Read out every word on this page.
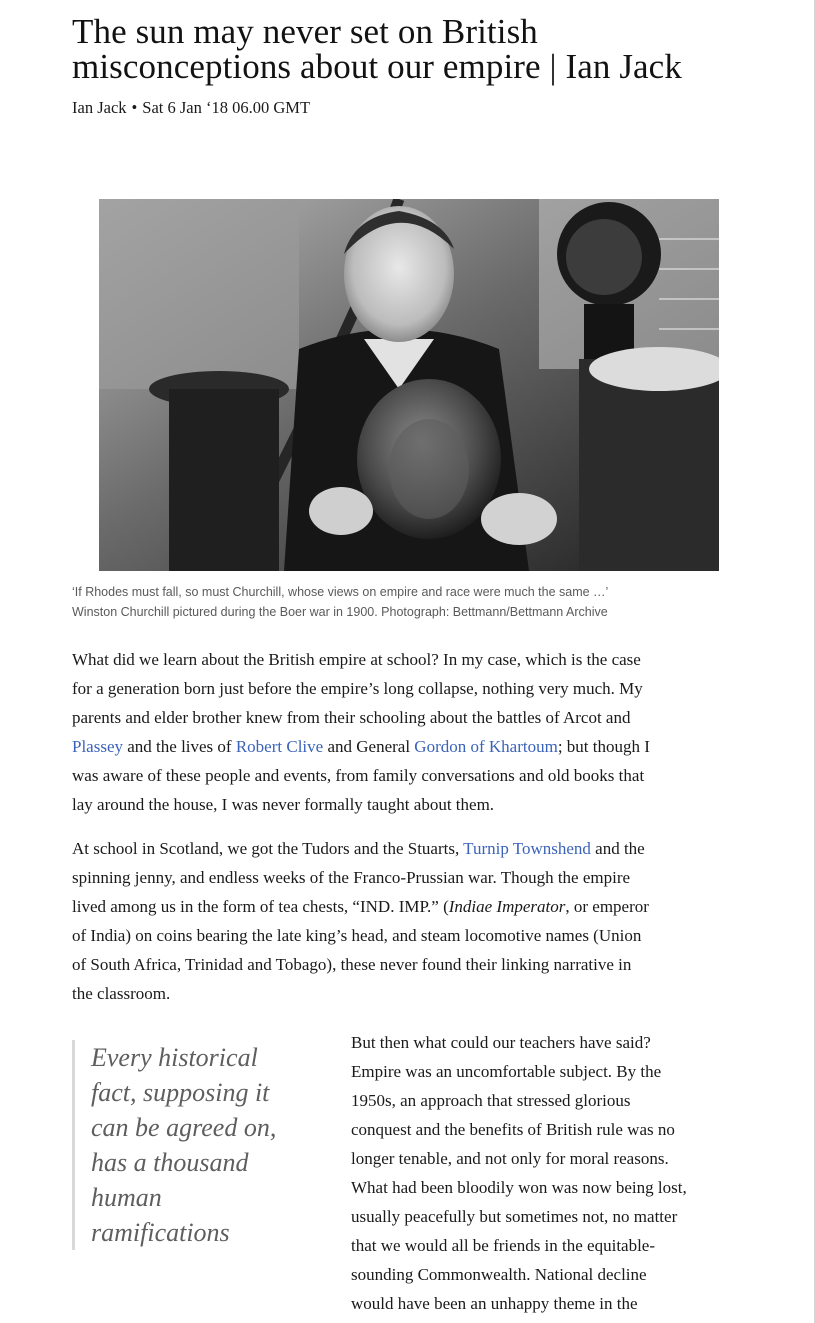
The sun may never set on British misconceptions about our empire | Ian Jack
Ian Jack • Sat 6 Jan ‘18 06.00 GMT
‘If Rhodes must fall, so must Churchill, whose views on empire and race were much the same …’
Winston Churchill pictured during the Boer war in 1900. Photograph: Bettmann/Bettmann Archive

What did we learn about the British empire at school? In my case, which is the case
for a generation born just before the empire’s long collapse, nothing very much. My
parents and elder brother knew from their schooling about the battles of Arcot and
Plassey and the lives of Robert Clive and General Gordon of Khartoum; but though I
was aware of these people and events, from family conversations and old books that
lay around the house, I was never formally taught about them.

At school in Scotland, we got the Tudors and the Stuarts, Turnip Townshend and the
spinning jenny, and endless weeks of the Franco-Prussian war. Though the empire
lived among us in the form of tea chests, “IND. IMP.” (Indiae Imperator, or emperor
of India) on coins bearing the late king’s head, and steam locomotive names (Union
of South Africa, Trinidad and Tobago), these never found their linking narrative in
the classroom.

Every historical
fact, supposing it
can be agreed on,
has a thousand
human
ramifications
But then what could our teachers have said?
Empire was an uncomfortable subject. By the
1950s, an approach that stressed glorious
conquest and the benefits of British rule was no
longer tenable, and not only for moral reasons.
What had been bloodily won was now being lost,
usually peacefully but sometimes not, no matter
that we would all be friends in the equitable-
sounding Commonwealth. National decline
would have been an unhappy theme in the
